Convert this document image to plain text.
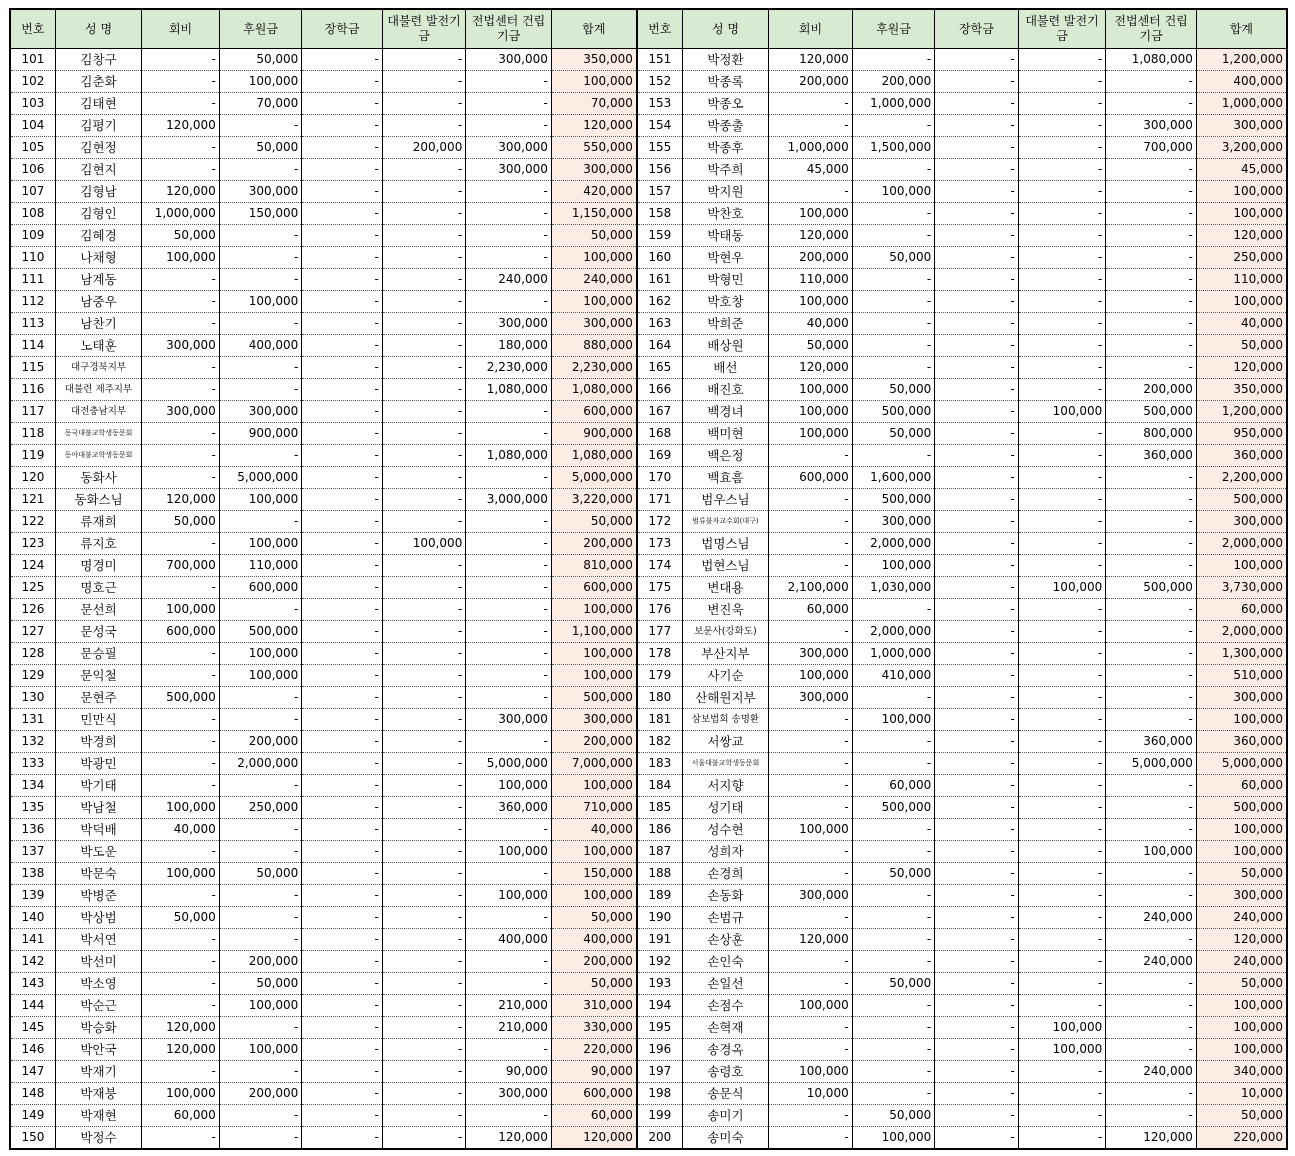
번호	성 명	회비	후원금	장학금	대불련 발전기금	전법센터 건립기금	합계	번호	성 명	회비	후원금	장학금	대불련 발전기금	전법센터 건립기금	합계
101	김창구	-	50,000	-	-	300,000	350,000	151	박정환	120,000	-	-	-	1,080,000	1,200,000
102	김춘화	-	100,000	-	-	-	100,000	152	박종록	200,000	200,000	-	-	-	400,000
103	김태현	-	70,000	-	-	-	70,000	153	박종오	-	1,000,000	-	-	-	1,000,000
104	김평기	120,000	-	-	-	-	120,000	154	박종출	-	-	-	-	300,000	300,000
105	김현정	-	50,000	-	200,000	300,000	550,000	155	박종후	1,000,000	1,500,000	-	-	700,000	3,200,000
106	김현지	-	-	-	-	300,000	300,000	156	박주희	45,000	-	-	-	-	45,000
107	김형남	120,000	300,000	-	-	-	420,000	157	박지원	-	100,000	-	-	-	100,000
108	김형인	1,000,000	150,000	-	-	-	1,150,000	158	박찬호	100,000	-	-	-	-	100,000
109	김혜경	50,000	-	-	-	-	50,000	159	박태동	120,000	-	-	-	-	120,000
110	나채형	100,000	-	-	-	-	100,000	160	박현우	200,000	50,000	-	-	-	250,000
111	남계동	-	-	-	-	240,000	240,000	161	박형민	110,000	-	-	-	-	110,000
112	남중우	-	100,000	-	-	-	100,000	162	박호창	100,000	-	-	-	-	100,000
113	남찬기	-	-	-	-	300,000	300,000	163	박희준	40,000	-	-	-	-	40,000
114	노태훈	300,000	400,000	-	-	180,000	880,000	164	배상원	50,000	-	-	-	-	50,000
115	대구경북지부	-	-	-	-	2,230,000	2,230,000	165	배선	120,000	-	-	-	-	120,000
116	대불련 제주지부	-	-	-	-	1,080,000	1,080,000	166	배진호	100,000	50,000	-	-	200,000	350,000
117	대전충남지부	300,000	300,000	-	-	-	600,000	167	백경녀	100,000	500,000	-	100,000	500,000	1,200,000
118	동국대불교학생동문회	-	900,000	-	-	-	900,000	168	백미현	100,000	50,000	-	-	800,000	950,000
119	동아대불교학생동문회	-	-	-	-	1,080,000	1,080,000	169	백은정	-	-	-	-	360,000	360,000
120	동화사	-	5,000,000	-	-	-	5,000,000	170	백효흠	600,000	1,600,000	-	-	-	2,200,000
121	동화스님	120,000	100,000	-	-	3,000,000	3,220,000	171	범우스님	-	500,000	-	-	-	500,000
122	류재희	50,000	-	-	-	-	50,000	172	범류불자교수회(대구)	-	300,000	-	-	-	300,000
123	류지호	-	100,000	-	100,000	-	200,000	173	법명스님	-	2,000,000	-	-	-	2,000,000
124	명경미	700,000	110,000	-	-	-	810,000	174	법현스님	-	100,000	-	-	-	100,000
125	명호근	-	600,000	-	-	-	600,000	175	변대용	2,100,000	1,030,000	-	100,000	500,000	3,730,000
126	문선희	100,000	-	-	-	-	100,000	176	변진욱	60,000	-	-	-	-	60,000
127	문성국	600,000	500,000	-	-	-	1,100,000	177	보문사(강화도)	-	2,000,000	-	-	-	2,000,000
128	문승필	-	100,000	-	-	-	100,000	178	부산지부	300,000	1,000,000	-	-	-	1,300,000
129	문익철	-	100,000	-	-	-	100,000	179	사기순	100,000	410,000	-	-	-	510,000
130	문현주	500,000	-	-	-	-	500,000	180	산해원지부	300,000	-	-	-	-	300,000
131	민만식	-	-	-	-	300,000	300,000	181	삼보법회 송명환	-	100,000	-	-	-	100,000
132	박경희	-	200,000	-	-	-	200,000	182	서쌍교	-	-	-	-	360,000	360,000
133	박광민	-	2,000,000	-	-	5,000,000	7,000,000	183	서울대불교학생동문회	-	-	-	-	5,000,000	5,000,000
134	박기태	-	-	-	-	100,000	100,000	184	서지향	-	60,000	-	-	-	60,000
135	박남철	100,000	250,000	-	-	360,000	710,000	185	성기태	-	500,000	-	-	-	500,000
136	박덕배	40,000	-	-	-	-	40,000	186	성수현	100,000	-	-	-	-	100,000
137	박도운	-	-	-	-	100,000	100,000	187	성희자	-	-	-	-	100,000	100,000
138	박문숙	100,000	50,000	-	-	-	150,000	188	손경희	-	50,000	-	-	-	50,000
139	박병준	-	-	-	-	100,000	100,000	189	손동화	300,000	-	-	-	-	300,000
140	박상범	50,000	-	-	-	-	50,000	190	손범규	-	-	-	-	240,000	240,000
141	박서연	-	-	-	-	400,000	400,000	191	손상훈	120,000	-	-	-	-	120,000
142	박선미	-	200,000	-	-	-	200,000	192	손인숙	-	-	-	-	240,000	240,000
143	박소영	-	50,000	-	-	-	50,000	193	손일선	-	50,000	-	-	-	50,000
144	박순근	-	100,000	-	-	210,000	310,000	194	손점수	100,000	-	-	-	-	100,000
145	박승화	120,000	-	-	-	210,000	330,000	195	손혁재	-	-	-	100,000	-	100,000
146	박안국	120,000	100,000	-	-	-	220,000	196	송경옥	-	-	-	100,000	-	100,000
147	박재기	-	-	-	-	90,000	90,000	197	송령호	100,000	-	-	-	240,000	340,000
148	박재붕	100,000	200,000	-	-	300,000	600,000	198	송문식	10,000	-	-	-	-	10,000
149	박재현	60,000	-	-	-	-	60,000	199	송미기	-	50,000	-	-	-	50,000
150	박정수	-	-	-	-	120,000	120,000	200	송미숙	-	100,000	-	-	120,000	220,000
